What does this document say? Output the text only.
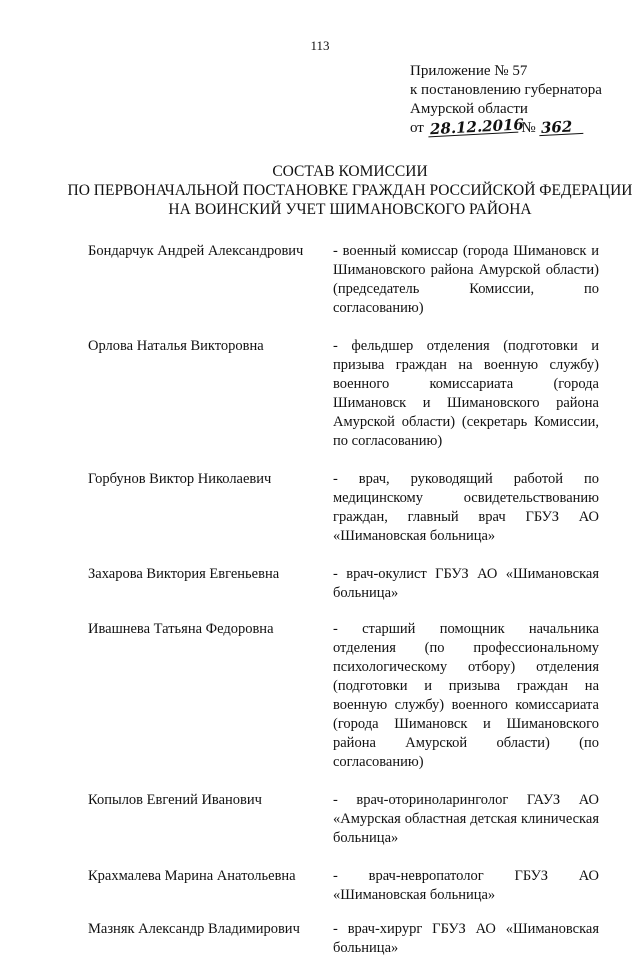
113
Приложение № 57
к постановлению губернатора
Амурской области
от 28.12.2016 № 362
СОСТАВ КОМИССИИ
ПО ПЕРВОНАЧАЛЬНОЙ ПОСТАНОВКЕ ГРАЖДАН РОССИЙСКОЙ ФЕДЕРАЦИИ
НА ВОИНСКИЙ УЧЕТ ШИМАНОВСКОГО РАЙОНА
Бондарчук Андрей Александрович	- военный комиссар (города Шимановск и Шимановского района Амурской области) (председатель Комиссии, по согласованию)
Орлова Наталья Викторовна	- фельдшер отделения (подготовки и призыва граждан на военную службу) военного комиссариата (города Шимановск и Шимановского района Амурской области) (секретарь Комиссии, по согласованию)
Горбунов Виктор Николаевич	- врач, руководящий работой по медицинскому освидетельствованию граждан, главный врач ГБУЗ АО «Шимановская больница»
Захарова Виктория Евгеньевна	- врач-окулист ГБУЗ АО «Шимановская больница»
Ивашнева Татьяна Федоровна	- старший помощник начальника отделения (по профессиональному психологическому отбору) отделения (подготовки и призыва граждан на военную службу) военного комиссариата (города Шимановск и Шимановского района Амурской области) (по согласованию)
Копылов Евгений Иванович	- врач-оториноларинголог ГАУЗ АО «Амурская областная детская клиническая больница»
Крахмалева Марина Анатольевна	- врач-невропатолог ГБУЗ АО «Шимановская больница»
Мазняк Александр Владимирович	- врач-хирург ГБУЗ АО «Шимановская больница»
